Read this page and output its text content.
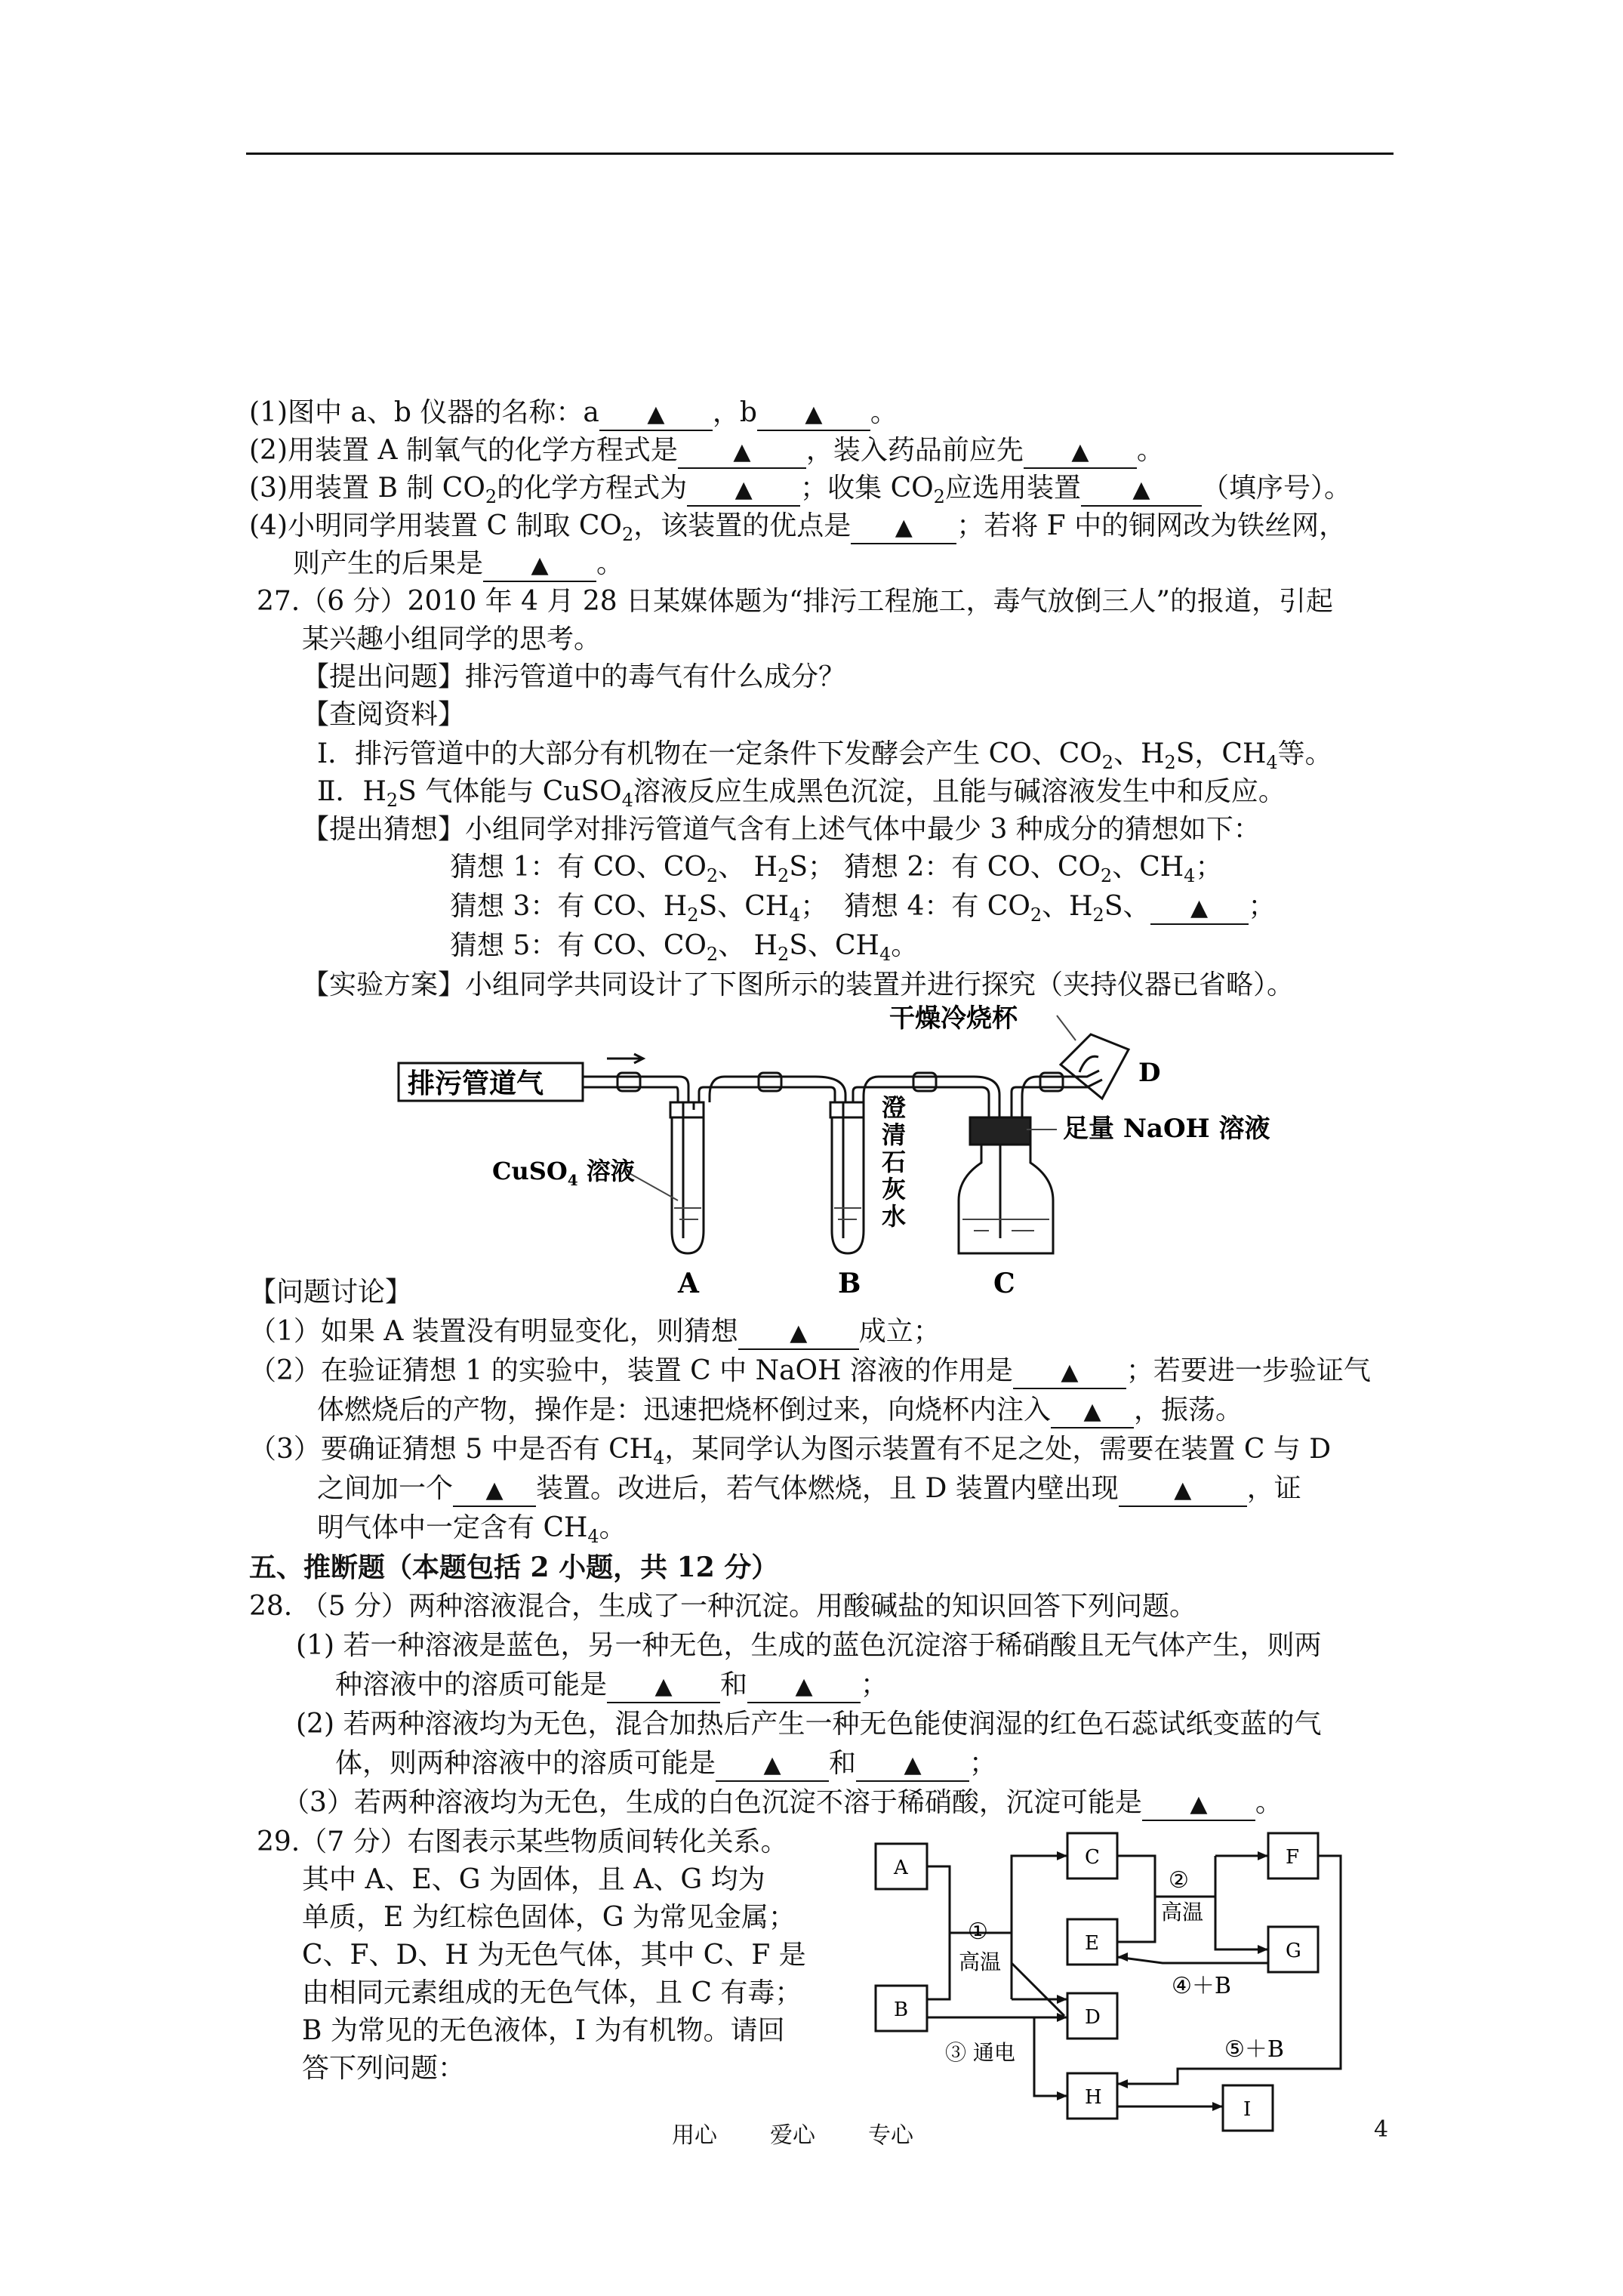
(1)图中 a、b 仪器的名称：a ▲ ，b ▲ 。
(2)用装置 A 制氧气的化学方程式是 ▲ ，装入药品前应先 ▲ 。
(3)用装置 B 制 $CO_2$的化学方程式为 ▲ ；收集 $CO_2$应选用装置 ▲ （填序号）。
(4)小明同学用装置 C 制取 $CO_2$，该装置的优点是 ▲ ；若将 F 中的铜网改为铁丝网，
则产生的后果是 ▲ 。
27.（6 分）2010 年 4 月 28 日某媒体题为“排污工程施工，毒气放倒三人”的报道，引起
某兴趣小组同学的思考。
【提出问题】排污管道中的毒气有什么成分？
【查阅资料】
Ⅰ．排污管道中的大部分有机物在一定条件下发酵会产生 CO、$CO_2$、$H_2S$，$CH_4$等。
Ⅱ．$H_2S$ 气体能与 CuSO$_4$溶液反应生成黑色沉淀，且能与碱溶液发生中和反应。
【提出猜想】小组同学对排污管道气含有上述气体中最少 3 种成分的猜想如下：
猜想 1：有 CO、$CO_2$、 $H_2S$； 猜想 2：有 CO、$CO_2$、$CH_4$；
猜想 3：有 CO、$H_2S$、$CH_4$； 猜想 4：有 $CO_2$、$H_2S$、 ▲ ；
猜想 5：有 CO、$CO_2$、 $H_2S$、$CH_4$。
【实验方案】小组同学共同设计了下图所示的装置并进行探究（夹持仪器已省略）。
排污管道气
干燥冷烧杯
D
CuSO$_4$ 溶液
澄
清
石
灰
水
足量 NaOH 溶液
A	B	C
【问题讨论】
（1）如果 A 装置没有明显变化，则猜想 ▲ 成立；
（2）在验证猜想 1 的实验中，装置 C 中 NaOH 溶液的作用是 ▲ ；若要进一步验证气
体燃烧后的产物，操作是：迅速把烧杯倒过来，向烧杯内注入 ▲ ，振荡。
（3）要确证猜想 5 中是否有 $CH_4$，某同学认为图示装置有不足之处，需要在装置 C 与 D
之间加一个 ▲ 装置。改进后，若气体燃烧，且 D 装置内壁出现 ▲ ，证
明气体中一定含有 $CH_4$。
五、推断题（本题包括 2 小题，共 12 分）
28. （5 分）两种溶液混合，生成了一种沉淀。用酸碱盐的知识回答下列问题。
(1) 若一种溶液是蓝色，另一种无色，生成的蓝色沉淀溶于稀硝酸且无气体产生，则两
种溶液中的溶质可能是 ▲ 和 ▲ ；
(2) 若两种溶液均为无色，混合加热后产生一种无色能使润湿的红色石蕊试纸变蓝的气
体，则两种溶液中的溶质可能是 ▲ 和 ▲ ；
（3）若两种溶液均为无色，生成的白色沉淀不溶于稀硝酸，沉淀可能是 ▲ 。
29.（7 分）右图表示某些物质间转化关系。
其中 A、E、G 为固体，且 A、G 均为
单质，E 为红棕色固体，G 为常见金属；
C、F、D、H 为无色气体，其中 C、F 是
由相同元素组成的无色气体，且 C 有毒；
B 为常见的无色液体，I 为有机物。请回
答下列问题：
A
B
C
E
D
H
F
G
I
①
高温
②
高温
③ 通电
④＋B
⑤＋B
用心 爱心 专心	4
